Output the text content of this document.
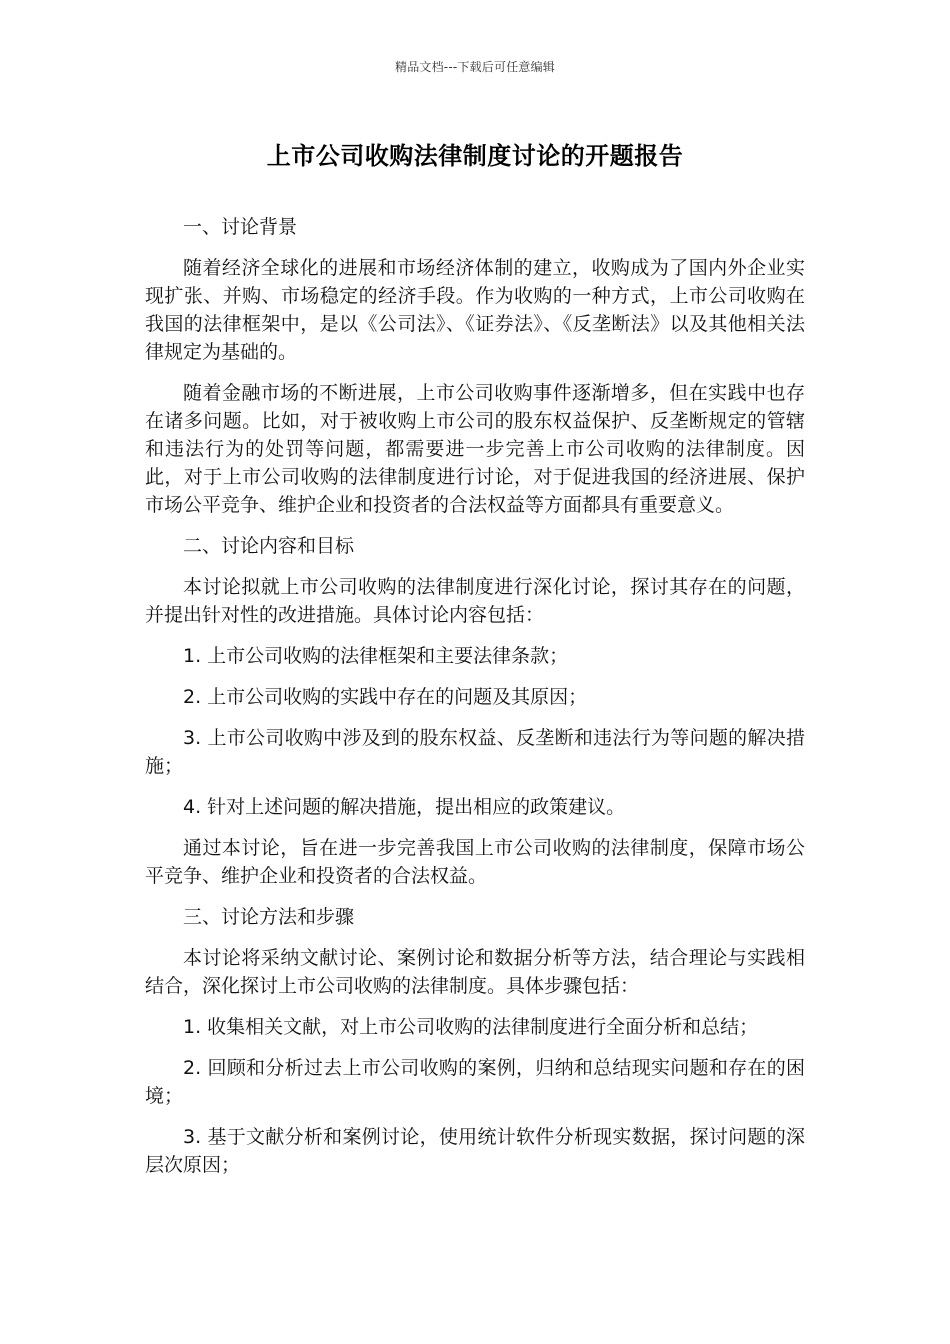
精品文档---下载后可任意编辑
上市公司收购法律制度讨论的开题报告

一、讨论背景

随着经济全球化的进展和市场经济体制的建立，收购成为了国内外企业实现扩张、并购、市场稳定的经济手段。作为收购的一种方式，上市公司收购在我国的法律框架中，是以《公司法》、《证券法》、《反垄断法》以及其他相关法律规定为基础的。

随着金融市场的不断进展，上市公司收购事件逐渐增多，但在实践中也存在诸多问题。比如，对于被收购上市公司的股东权益保护、反垄断规定的管辖和违法行为的处罚等问题，都需要进一步完善上市公司收购的法律制度。因此，对于上市公司收购的法律制度进行讨论，对于促进我国的经济进展、保护市场公平竞争、维护企业和投资者的合法权益等方面都具有重要意义。

二、讨论内容和目标

本讨论拟就上市公司收购的法律制度进行深化讨论，探讨其存在的问题，并提出针对性的改进措施。具体讨论内容包括：

1. 上市公司收购的法律框架和主要法律条款；

2. 上市公司收购的实践中存在的问题及其原因；

3. 上市公司收购中涉及到的股东权益、反垄断和违法行为等问题的解决措施；

4. 针对上述问题的解决措施，提出相应的政策建议。

通过本讨论，旨在进一步完善我国上市公司收购的法律制度，保障市场公平竞争、维护企业和投资者的合法权益。

三、讨论方法和步骤

本讨论将采纳文献讨论、案例讨论和数据分析等方法，结合理论与实践相结合，深化探讨上市公司收购的法律制度。具体步骤包括：

1. 收集相关文献，对上市公司收购的法律制度进行全面分析和总结；

2. 回顾和分析过去上市公司收购的案例，归纳和总结现实问题和存在的困境；

3. 基于文献分析和案例讨论，使用统计软件分析现实数据，探讨问题的深层次原因；
